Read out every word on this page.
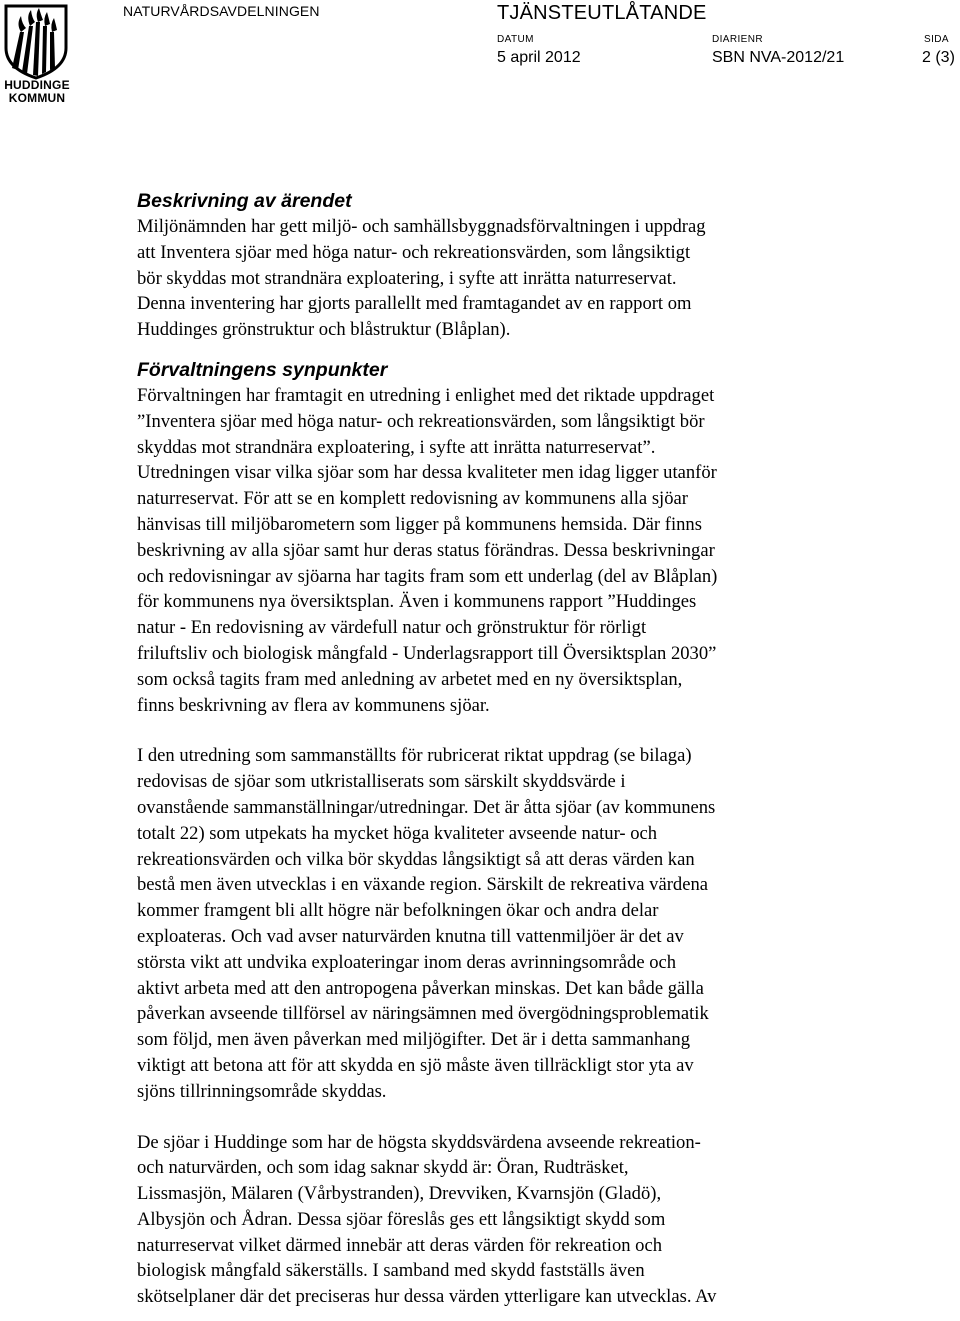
HUDDINGE
KOMMUN
NATURVÅRDSAVDELNINGEN	TJÄNSTEUTLÅTANDE
DATUM
5 april 2012
DIARIENR
SBN NVA-2012/21
SIDA
2 (3)

Beskrivning av ärendet

Miljönämnden har gett miljö- och samhällsbyggnadsförvaltningen i uppdrag
att Inventera sjöar med höga natur- och rekreationsvärden, som långsiktigt
bör skyddas mot strandnära exploatering, i syfte att inrätta naturreservat.
Denna inventering har gjorts parallellt med framtagandet av en rapport om
Huddinges grönstruktur och blåstruktur (Blåplan).

Förvaltningens synpunkter

Förvaltningen har framtagit en utredning i enlighet med det riktade uppdraget
”Inventera sjöar med höga natur- och rekreationsvärden, som långsiktigt bör
skyddas mot strandnära exploatering, i syfte att inrätta naturreservat”.
Utredningen visar vilka sjöar som har dessa kvaliteter men idag ligger utanför
naturreservat. För att se en komplett redovisning av kommunens alla sjöar
hänvisas till miljöbarometern som ligger på kommunens hemsida. Där finns
beskrivning av alla sjöar samt hur deras status förändras. Dessa beskrivningar
och redovisningar av sjöarna har tagits fram som ett underlag (del av Blåplan)
för kommunens nya översiktsplan. Även i kommunens rapport ”Huddinges
natur - En redovisning av värdefull natur och grönstruktur för rörligt
friluftsliv och biologisk mångfald - Underlagsrapport till Översiktsplan 2030”
som också tagits fram med anledning av arbetet med en ny översiktsplan,
finns beskrivning av flera av kommunens sjöar.

I den utredning som sammanställts för rubricerat riktat uppdrag (se bilaga)
redovisas de sjöar som utkristalliserats som särskilt skyddsvärde i
ovanstående sammanställningar/utredningar. Det är åtta sjöar (av kommunens
totalt 22) som utpekats ha mycket höga kvaliteter avseende natur- och
rekreationsvärden och vilka bör skyddas långsiktigt så att deras värden kan
bestå men även utvecklas i en växande region. Särskilt de rekreativa värdena
kommer framgent bli allt högre när befolkningen ökar och andra delar
exploateras. Och vad avser naturvärden knutna till vattenmiljöer är det av
största vikt att undvika exploateringar inom deras avrinningsområde och
aktivt arbeta med att den antropogena påverkan minskas. Det kan både gälla
påverkan avseende tillförsel av näringsämnen med övergödningsproblematik
som följd, men även påverkan med miljögifter. Det är i detta sammanhang
viktigt att betona att för att skydda en sjö måste även tillräckligt stor yta av
sjöns tillrinningsområde skyddas.

De sjöar i Huddinge som har de högsta skyddsvärdena avseende rekreation-
och naturvärden, och som idag saknar skydd är: Öran, Rudträsket,
Lissmasjön, Mälaren (Vårbystranden), Drevviken, Kvarnsjön (Gladö),
Albysjön och Ådran. Dessa sjöar föreslås ges ett långsiktigt skydd som
naturreservat vilket därmed innebär att deras värden för rekreation och
biologisk mångfald säkerställs. I samband med skydd fastställs även
skötselplaner där det preciseras hur dessa värden ytterligare kan utvecklas. Av
